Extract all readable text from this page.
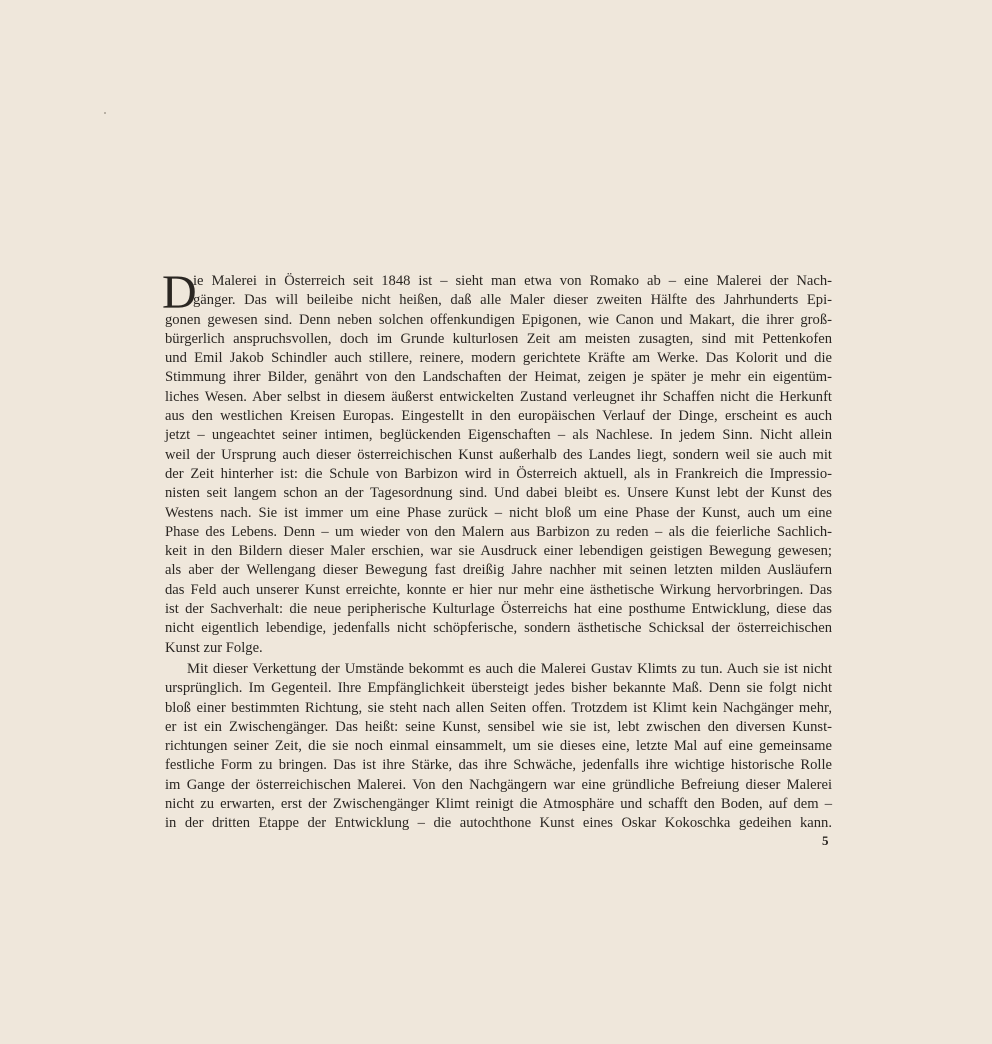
D
ie Malerei in Österreich seit 1848 ist – sieht man etwa von Romako ab – eine Malerei der Nach-
gänger. Das will beileibe nicht heißen, daß alle Maler dieser zweiten Hälfte des Jahrhunderts Epi-
gonen gewesen sind. Denn neben solchen offenkundigen Epigonen, wie Canon und Makart, die ihrer groß-
bürgerlich anspruchsvollen, doch im Grunde kulturlosen Zeit am meisten zusagten, sind mit Pettenkofen
und Emil Jakob Schindler auch stillere, reinere, modern gerichtete Kräfte am Werke. Das Kolorit und die
Stimmung ihrer Bilder, genährt von den Landschaften der Heimat, zeigen je später je mehr ein eigentüm-
liches Wesen. Aber selbst in diesem äußerst entwickelten Zustand verleugnet ihr Schaffen nicht die Herkunft
aus den westlichen Kreisen Europas. Eingestellt in den europäischen Verlauf der Dinge, erscheint es auch
jetzt – ungeachtet seiner intimen, beglückenden Eigenschaften – als Nachlese. In jedem Sinn. Nicht allein
weil der Ursprung auch dieser österreichischen Kunst außerhalb des Landes liegt, sondern weil sie auch mit
der Zeit hinterher ist: die Schule von Barbizon wird in Österreich aktuell, als in Frankreich die Impressio-
nisten seit langem schon an der Tagesordnung sind. Und dabei bleibt es. Unsere Kunst lebt der Kunst des
Westens nach. Sie ist immer um eine Phase zurück – nicht bloß um eine Phase der Kunst, auch um eine
Phase des Lebens. Denn – um wieder von den Malern aus Barbizon zu reden – als die feierliche Sachlich-
keit in den Bildern dieser Maler erschien, war sie Ausdruck einer lebendigen geistigen Bewegung gewesen;
als aber der Wellengang dieser Bewegung fast dreißig Jahre nachher mit seinen letzten milden Ausläufern
das Feld auch unserer Kunst erreichte, konnte er hier nur mehr eine ästhetische Wirkung hervorbringen. Das
ist der Sachverhalt: die neue peripherische Kulturlage Österreichs hat eine posthume Entwicklung, diese das
nicht eigentlich lebendige, jedenfalls nicht schöpferische, sondern ästhetische Schicksal der österreichischen
Kunst zur Folge.
Mit dieser Verkettung der Umstände bekommt es auch die Malerei Gustav Klimts zu tun. Auch sie ist nicht
ursprünglich. Im Gegenteil. Ihre Empfänglichkeit übersteigt jedes bisher bekannte Maß. Denn sie folgt nicht
bloß einer bestimmten Richtung, sie steht nach allen Seiten offen. Trotzdem ist Klimt kein Nachgänger mehr,
er ist ein Zwischengänger. Das heißt: seine Kunst, sensibel wie sie ist, lebt zwischen den diversen Kunst-
richtungen seiner Zeit, die sie noch einmal einsammelt, um sie dieses eine, letzte Mal auf eine gemeinsame
festliche Form zu bringen. Das ist ihre Stärke, das ihre Schwäche, jedenfalls ihre wichtige historische Rolle
im Gange der österreichischen Malerei. Von den Nachgängern war eine gründliche Befreiung dieser Malerei
nicht zu erwarten, erst der Zwischengänger Klimt reinigt die Atmosphäre und schafft den Boden, auf dem –
in der dritten Etappe der Entwicklung – die autochthone Kunst eines Oskar Kokoschka gedeihen kann.
5
